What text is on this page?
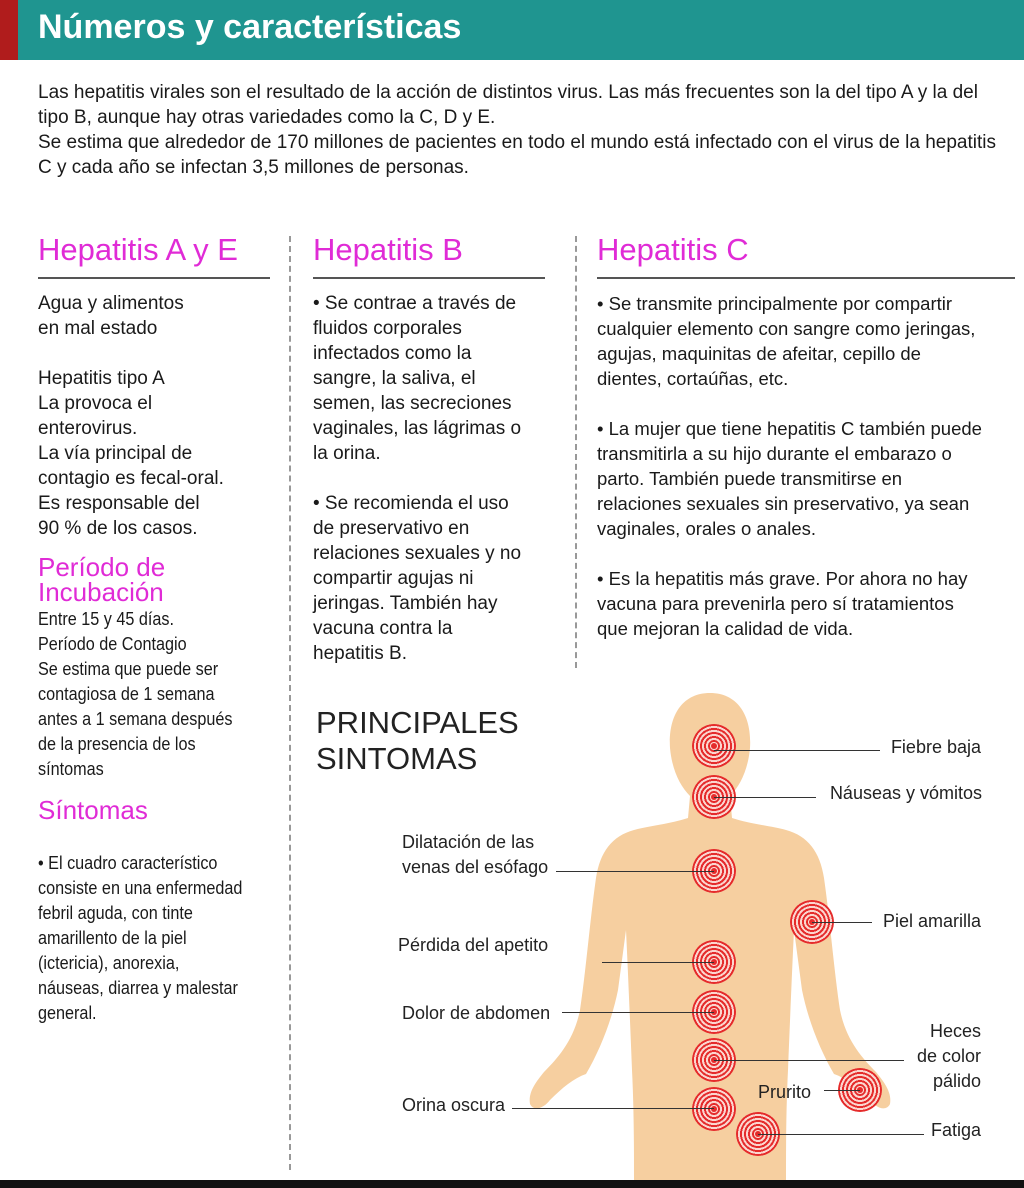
Números y características

Las hepatitis virales son el resultado de la acción de distintos virus. Las más frecuentes son la del tipo A y la del tipo B, aunque hay otras variedades como la C, D y E.

Se estima que alrededor de 170 millones de pacientes en todo el mundo está infectado con el virus de la hepatitis C y cada año se infectan 3,5 millones de personas.

Hepatitis A y E
Agua y alimentos
en mal estado

Hepatitis tipo A
La provoca el
enterovirus.
La vía principal de
contagio es fecal-oral.
Es responsable del
90 % de los casos.
Período de
Incubación
Entre 15 y 45 días.
Período de Contagio
Se estima que puede ser
contagiosa de 1 semana
antes a 1 semana después
de la presencia de los
síntomas
Síntomas
• El cuadro característico
consiste en una enfermedad
febril aguda, con tinte
amarillento de la piel
(ictericia), anorexia,
náuseas, diarrea y malestar
general.
Hepatitis B
• Se contrae a través de
fluidos corporales
infectados como la
sangre, la saliva, el
semen, las secreciones
vaginales, las lágrimas o
la orina.

• Se recomienda el uso
de preservativo en
relaciones sexuales y no
compartir agujas ni
jeringas. También hay
vacuna contra la
hepatitis B.
Hepatitis C
• Se transmite principalmente por compartir
cualquier elemento con sangre como jeringas,
agujas, maquinitas de afeitar, cepillo de
dientes, cortaúñas, etc.

• La mujer que tiene hepatitis C también puede
transmitirla a su hijo durante el embarazo o
parto. También puede transmitirse en
relaciones sexuales sin preservativo, ya sean
vaginales, orales o anales.

• Es la hepatitis más grave. Por ahora no hay
vacuna para prevenirla pero sí tratamientos
que mejoran la calidad de vida.
PRINCIPALES
SINTOMAS	Fiebre baja
Náuseas y vómitos
Dilatación de las
venas del esófago
Piel amarilla
Pérdida del apetito
Dolor de abdomen
Heces
de color
pálido
Prurito
Orina oscura
Fatiga
